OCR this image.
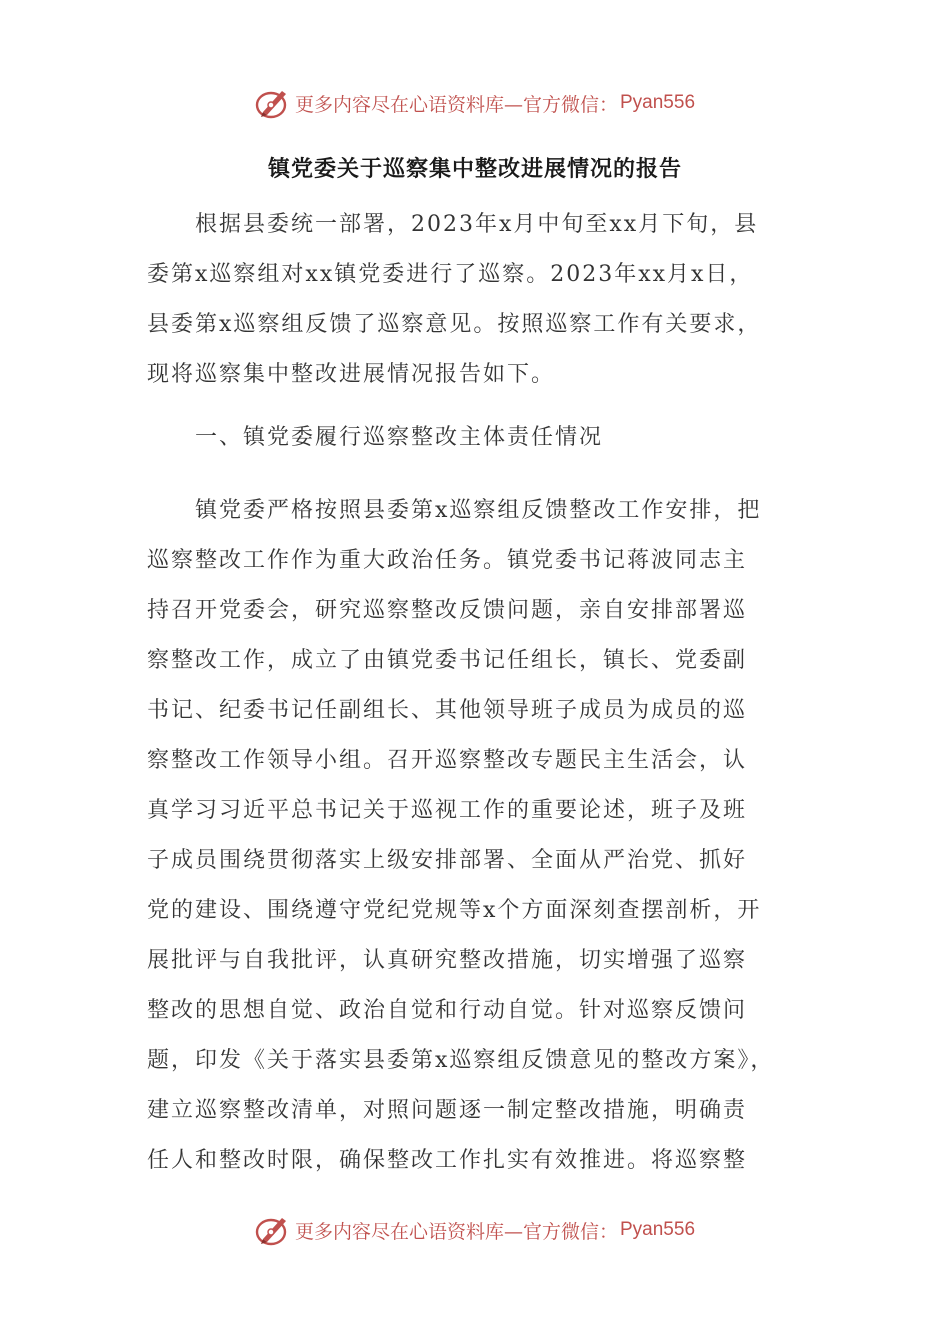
更多内容尽在心语资料库—官方微信： Pyan556
镇党委关于巡察集中整改进展情况的报告
　　根据县委统一部署，2023年x月中旬至xx月下旬，县
委第x巡察组对xx镇党委进行了巡察。2023年xx月x日，
县委第x巡察组反馈了巡察意见。按照巡察工作有关要求，
现将巡察集中整改进展情况报告如下。
　　一、镇党委履行巡察整改主体责任情况
　　镇党委严格按照县委第x巡察组反馈整改工作安排，把
巡察整改工作作为重大政治任务。镇党委书记蒋波同志主
持召开党委会，研究巡察整改反馈问题，亲自安排部署巡
察整改工作，成立了由镇党委书记任组长，镇长、党委副
书记、纪委书记任副组长、其他领导班子成员为成员的巡
察整改工作领导小组。召开巡察整改专题民主生活会，认
真学习习近平总书记关于巡视工作的重要论述，班子及班
子成员围绕贯彻落实上级安排部署、全面从严治党、抓好
党的建设、围绕遵守党纪党规等x个方面深刻查摆剖析，开
展批评与自我批评，认真研究整改措施，切实增强了巡察
整改的思想自觉、政治自觉和行动自觉。针对巡察反馈问
题，印发《关于落实县委第x巡察组反馈意见的整改方案》，
建立巡察整改清单，对照问题逐一制定整改措施，明确责
任人和整改时限，确保整改工作扎实有效推进。将巡察整
更多内容尽在心语资料库—官方微信： Pyan556
